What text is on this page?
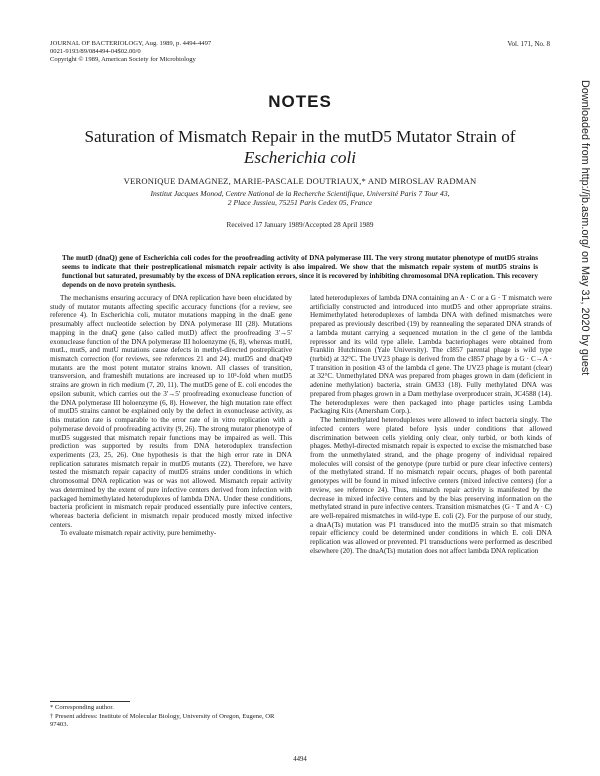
JOURNAL OF BACTERIOLOGY, Aug. 1989, p. 4494-4497
0021-9193/89/084494-04$02.00/0
Copyright © 1989, American Society for Microbiology
Vol. 171, No. 8
Downloaded from http://jb.asm.org/ on May 31, 2020 by guest
NOTES
Saturation of Mismatch Repair in the mutD5 Mutator Strain of
Escherichia coli
VERONIQUE DAMAGNEZ, MARIE-PASCALE DOUTRIAUX,* AND MIROSLAV RADMAN
Institut Jacques Monod, Centre National de la Recherche Scientifique, Université Paris 7 Tour 43,
2 Place Jussieu, 75251 Paris Cedex 05, France
Received 17 January 1989/Accepted 28 April 1989
The mutD (dnaQ) gene of Escherichia coli codes for the proofreading activity of DNA polymerase III. The very strong mutator phenotype of mutD5 strains seems to indicate that their postreplicational mismatch repair activity is also impaired. We show that the mismatch repair system of mutD5 strains is functional but saturated, presumably by the excess of DNA replication errors, since it is recovered by inhibiting chromosomal DNA replication. This recovery depends on de novo protein synthesis.

The mechanisms ensuring accuracy of DNA replication have been elucidated by study of mutator mutants affecting specific accuracy functions (for a review, see reference 4). In Escherichia coli, mutator mutations mapping in the dnaE gene presumably affect nucleotide selection by DNA polymerase III (28). Mutations mapping in the dnaQ gene (also called mutD) affect the proofreading 3'→5' exonuclease function of the DNA polymerase III holoenzyme (6, 8), whereas mutH, mutL, mutS, and mutU mutations cause defects in methyl-directed postreplicative mismatch correction (for reviews, see references 21 and 24). mutD5 and dnaQ49 mutants are the most potent mutator strains known. All classes of transition, transversion, and frameshift mutations are increased up to 10⁵-fold when mutD5 strains are grown in rich medium (7, 20, 11). The mutD5 gene of E. coli encodes the epsilon subunit, which carries out the 3'→5' proofreading exonuclease function of the DNA polymerase III holoenzyme (6, 8). However, the high mutation rate effect of mutD5 strains cannot be explained only by the defect in exonuclease activity, as this mutation rate is comparable to the error rate of in vitro replication with a polymerase devoid of proofreading activity (9, 26). The strong mutator phenotype of mutD5 suggested that mismatch repair functions may be impaired as well. This prediction was supported by results from DNA heteroduplex transfection experiments (23, 25, 26). One hypothesis is that the high error rate in DNA replication saturates mismatch repair in mutD5 mutants (22). Therefore, we have tested the mismatch repair capacity of mutD5 strains under conditions in which chromosomal DNA replication was or was not allowed. Mismatch repair activity was determined by the extent of pure infective centers derived from infection with packaged hemimethylated heteroduplexes of lambda DNA. Under these conditions, bacteria proficient in mismatch repair produced essentially pure infective centers, whereas bacteria deficient in mismatch repair produced mostly mixed infective centers.

To evaluate mismatch repair activity, pure hemimethy-

lated heteroduplexes of lambda DNA containing an A · C or a G · T mismatch were artificially constructed and introduced into mutD5 and other appropriate strains. Hemimethylated heteroduplexes of lambda DNA with defined mismatches were prepared as previously described (19) by reannealing the separated DNA strands of a lambda mutant carrying a sequenced mutation in the cI gene of the lambda repressor and its wild type allele. Lambda bacteriophages were obtained from Franklin Hutchinson (Yale University). The cI857 parental phage is wild type (turbid) at 32°C. The UV23 phage is derived from the cI857 phage by a G · C→A · T transition in position 43 of the lambda cI gene. The UV23 phage is mutant (clear) at 32°C. Unmethylated DNA was prepared from phages grown in dam (deficient in adenine methylation) bacteria, strain GM33 (18). Fully methylated DNA was prepared from phages grown in a Dam methylase overproducer strain, JC4588 (14). The heteroduplexes were then packaged into phage particles using Lambda Packaging Kits (Amersham Corp.).

The hemimethylated heteroduplexes were allowed to infect bacteria singly. The infected centers were plated before lysis under conditions that allowed discrimination between cells yielding only clear, only turbid, or both kinds of phages. Methyl-directed mismatch repair is expected to excise the mismatched base from the unmethylated strand, and the phage progeny of individual repaired molecules will consist of the genotype (pure turbid or pure clear infective centers) of the methylated strand. If no mismatch repair occurs, phages of both parental genotypes will be found in mixed infective centers (mixed infective centers) (for a review, see reference 24). Thus, mismatch repair activity is manifested by the decrease in mixed infective centers and by the bias preserving information on the methylated strand in pure infective centers. Transition mismatches (G · T and A · C) are well-repaired mismatches in wild-type E. coli (2). For the purpose of our study, a dnaA(Ts) mutation was P1 transduced into the mutD5 strain so that mismatch repair efficiency could be determined under conditions in which E. coli DNA replication was allowed or prevented. P1 transductions were performed as described elsewhere (20). The dnaA(Ts) mutation does not affect lambda DNA replication

* Corresponding author.
† Present address: Institute of Molecular Biology, University of Oregon, Eugene, OR 97403.
4494
